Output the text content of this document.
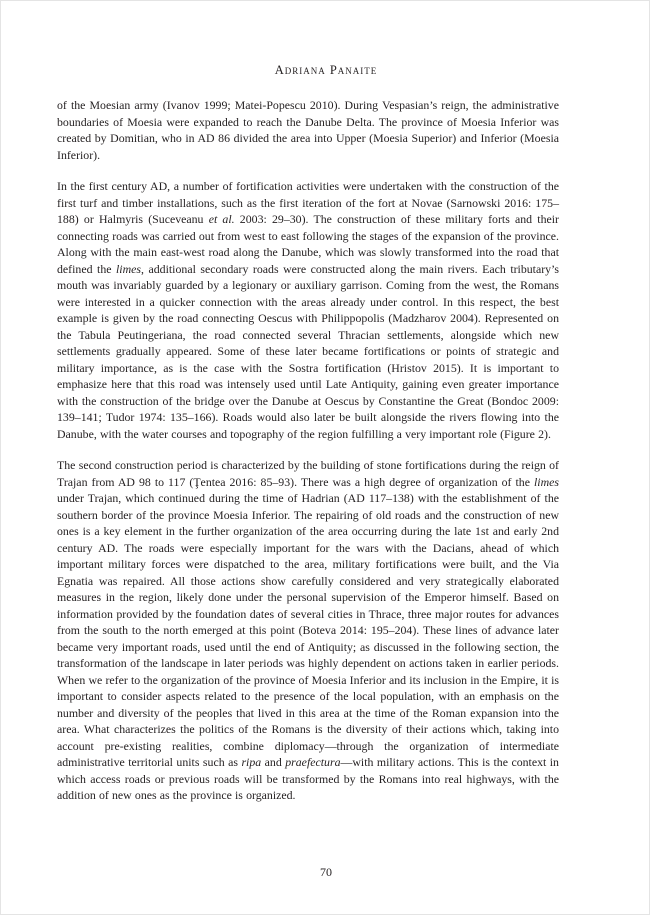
Adriana Panaite

of the Moesian army (Ivanov 1999; Matei-Popescu 2010). During Vespasian’s reign, the administrative boundaries of Moesia were expanded to reach the Danube Delta. The province of Moesia Inferior was created by Domitian, who in AD 86 divided the area into Upper (Moesia Superior) and Inferior (Moesia Inferior).

In the first century AD, a number of fortification activities were undertaken with the construction of the first turf and timber installations, such as the first iteration of the fort at Novae (Sarnowski 2016: 175–188) or Halmyris (Suceveanu et al. 2003: 29–30). The construction of these military forts and their connecting roads was carried out from west to east following the stages of the expansion of the province. Along with the main east-west road along the Danube, which was slowly transformed into the road that defined the limes, additional secondary roads were constructed along the main rivers. Each tributary’s mouth was invariably guarded by a legionary or auxiliary garrison. Coming from the west, the Romans were interested in a quicker connection with the areas already under control. In this respect, the best example is given by the road connecting Oescus with Philippopolis (Madzharov 2004). Represented on the Tabula Peutingeriana, the road connected several Thracian settlements, alongside which new settlements gradually appeared. Some of these later became fortifications or points of strategic and military importance, as is the case with the Sostra fortification (Hristov 2015). It is important to emphasize here that this road was intensely used until Late Antiquity, gaining even greater importance with the construction of the bridge over the Danube at Oescus by Constantine the Great (Bondoc 2009: 139–141; Tudor 1974: 135–166). Roads would also later be built alongside the rivers flowing into the Danube, with the water courses and topography of the region fulfilling a very important role (Figure 2).

The second construction period is characterized by the building of stone fortifications during the reign of Trajan from AD 98 to 117 (Ţentea 2016: 85–93). There was a high degree of organization of the limes under Trajan, which continued during the time of Hadrian (AD 117–138) with the establishment of the southern border of the province Moesia Inferior. The repairing of old roads and the construction of new ones is a key element in the further organization of the area occurring during the late 1st and early 2nd century AD. The roads were especially important for the wars with the Dacians, ahead of which important military forces were dispatched to the area, military fortifications were built, and the Via Egnatia was repaired. All those actions show carefully considered and very strategically elaborated measures in the region, likely done under the personal supervision of the Emperor himself. Based on information provided by the foundation dates of several cities in Thrace, three major routes for advances from the south to the north emerged at this point (Boteva 2014: 195–204). These lines of advance later became very important roads, used until the end of Antiquity; as discussed in the following section, the transformation of the landscape in later periods was highly dependent on actions taken in earlier periods. When we refer to the organization of the province of Moesia Inferior and its inclusion in the Empire, it is important to consider aspects related to the presence of the local population, with an emphasis on the number and diversity of the peoples that lived in this area at the time of the Roman expansion into the area. What characterizes the politics of the Romans is the diversity of their actions which, taking into account pre-existing realities, combine diplomacy—through the organization of intermediate administrative territorial units such as ripa and praefectura—with military actions. This is the context in which access roads or previous roads will be transformed by the Romans into real highways, with the addition of new ones as the province is organized.

70
